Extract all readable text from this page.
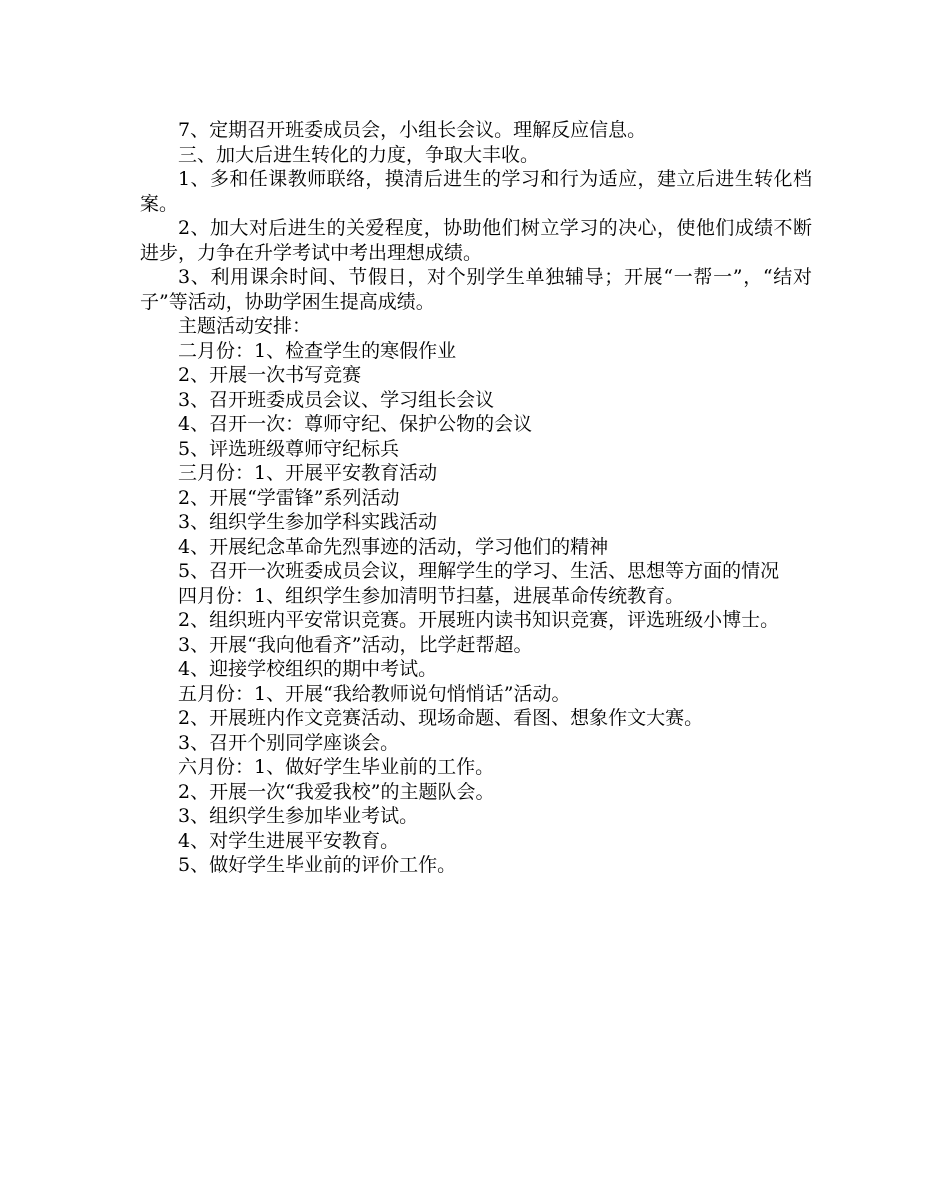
7、定期召开班委成员会，小组长会议。理解反应信息。

三、加大后进生转化的力度，争取大丰收。

1、多和任课教师联络，摸清后进生的学习和行为适应，建立后进生转化档案。

2、加大对后进生的关爱程度，协助他们树立学习的决心，使他们成绩不断进步，力争在升学考试中考出理想成绩。

3、利用课余时间、节假日，对个别学生单独辅导；开展“一帮一”，“结对子”等活动，协助学困生提高成绩。

主题活动安排：

二月份：1、检查学生的寒假作业

2、开展一次书写竞赛

3、召开班委成员会议、学习组长会议

4、召开一次：尊师守纪、保护公物的会议

5、评选班级尊师守纪标兵

三月份：1、开展平安教育活动

2、开展“学雷锋”系列活动

3、组织学生参加学科实践活动

4、开展纪念革命先烈事迹的活动，学习他们的精神

5、召开一次班委成员会议，理解学生的学习、生活、思想等方面的情况

四月份：1、组织学生参加清明节扫墓，进展革命传统教育。

2、组织班内平安常识竞赛。开展班内读书知识竞赛，评选班级小博士。

3、开展“我向他看齐”活动，比学赶帮超。

4、迎接学校组织的期中考试。

五月份：1、开展“我给教师说句悄悄话”活动。

2、开展班内作文竞赛活动、现场命题、看图、想象作文大赛。

3、召开个别同学座谈会。

六月份：1、做好学生毕业前的工作。

2、开展一次“我爱我校”的主题队会。

3、组织学生参加毕业考试。

4、对学生进展平安教育。

5、做好学生毕业前的评价工作。
